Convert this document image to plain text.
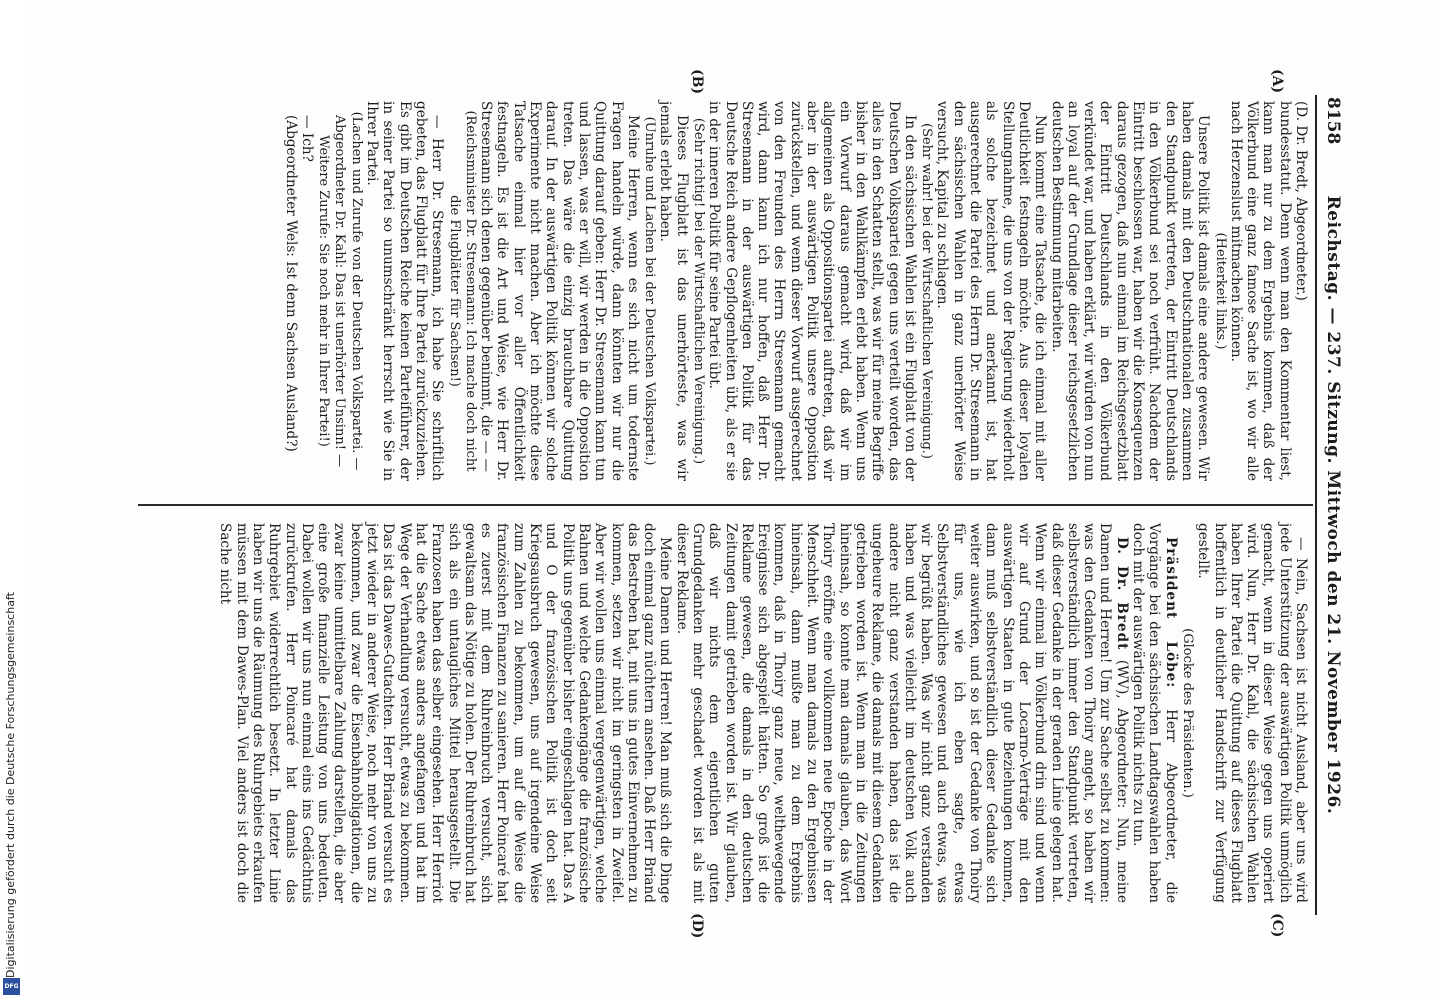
Digitalisierung gefördert durch die Deutsche Forschungsgemeinschaft
DFG
8158
Reichstag. — 237. Sitzung. Mittwoch den 21. November 1926.
(A)
(B)
(C)
(D)

(D. Dr. Bredt, Abgeordneter.)

bundesstatut. Denn wenn man den Kommentar liest, kann man nur zu dem Ergebnis kommen, daß der Völkerbund eine ganz famose Sache ist, wo wir alle nach Herzenslust mitmachen können.

(Heiterkeit links.)

Unsere Politik ist damals eine andere gewesen. Wir haben damals mit den Deutschnationalen zusammen den Standpunkt vertreten, der Eintritt Deutschlands in den Völkerbund sei noch verfrüht. Nachdem der Eintritt beschlossen war, haben wir die Konsequenzen daraus gezogen, daß nun einmal im Reichsgesetzblatt der Eintritt Deutschlands in den Völkerbund verkündet war, und haben erklärt, wir würden von nun an loyal auf der Grundlage dieser reichsgesetzlichen deutschen Bestimmung mitarbeiten.

Nun kommt eine Tatsache, die ich einmal mit aller Deutlichkeit festnageln möchte. Aus dieser loyalen Stellungnahme, die uns von der Regierung wiederholt als solche bezeichnet und anerkannt ist, hat ausgerechnet die Partei des Herrn Dr. Stresemann in den sächsischen Wahlen in ganz unerhörter Weise versucht, Kapital zu schlagen.

(Sehr wahr! bei der Wirtschaftlichen Vereinigung.)

In den sächsischen Wahlen ist ein Flugblatt von der Deutschen Volkspartei gegen uns verteilt worden, das alles in den Schatten stellt, was wir für meine Begriffe bisher in den Wahlkämpfen erlebt haben. Wenn uns ein Vorwurf daraus gemacht wird, daß wir im allgemeinen als Oppositionspartei auftreten, daß wir aber in der auswärtigen Politik unsere Opposition zurückstellen, und wenn dieser Vorwurf ausgerechnet von den Freunden des Herrn Stresemann gemacht wird, dann kann ich nur hoffen, daß Herr Dr. Stresemann in der auswärtigen Politik für das Deutsche Reich andere Gepflogenheiten übt, als er sie in der inneren Politik für seine Partei übt.

(Sehr richtig! bei der Wirtschaftlichen Vereinigung.)

Dieses Flugblatt ist das unerhörteste, was wir jemals erlebt haben.

(Unruhe und Lachen bei der Deutschen Volkspartei.)

Meine Herren, wenn es sich nicht um todernste Fragen handeln würde, dann könnten wir nur die Quittung darauf geben: Herr Dr. Stresemann kann tun und lassen, was er will, wir werden in die Opposition treten. Das wäre die einzig brauchbare Quittung darauf. In der auswärtigen Politik können wir solche Experimente nicht machen. Aber ich möchte diese Tatsache einmal hier vor aller Öffentlichkeit festnageln. Es ist die Art und Weise, wie Herr Dr. Stresemann sich denen gegenüber benimmt, die — —

(Reichsminister Dr. Stresemann: Ich mache doch nicht die Flugblätter für Sachsen!)

— Herr Dr. Stresemann, ich habe Sie schriftlich gebeten, das Flugblatt für Ihre Partei zurückzuziehen. Es gibt im Deutschen Reiche keinen Parteiführer, der in seiner Partei so unumschränkt herrscht wie Sie in Ihrer Partei.

(Lachen und Zurufe von der Deutschen Volkspartei. — Abgeordneter Dr. Kahl: Das ist unerhörter Unsinn! — Weitere Zurufe: Sie noch mehr in Ihrer Partei!)

— Ich?

(Abgeordneter Wels: Ist denn Sachsen Ausland?)

— Nein, Sachsen ist nicht Ausland, aber uns wird jede Unterstützung der auswärtigen Politik unmöglich gemacht, wenn in dieser Weise gegen uns operiert wird. Nun, Herr Dr. Kahl, die sächsischen Wahlen haben Ihrer Partei die Quittung auf dieses Flugblatt hoffentlich in deutlicher Handschrift zur Verfügung gestellt.

(Glocke des Präsidenten.)

Präsident Löbe: Herr Abgeordneter, die Vorgänge bei den sächsischen Landtagswahlen haben doch mit der auswärtigen Politik nichts zu tun.

D. Dr. Bredt (WV), Abgeordneter: Nun, meine Damen und Herren! Um zur Sache selbst zu kommen: was den Gedanken von Thoiry angeht, so haben wir selbstverständlich immer den Standpunkt vertreten, daß dieser Gedanke in der geraden Linie gelegen hat. Wenn wir einmal im Völkerbund drin sind und wenn wir auf Grund der Locarno-Verträge mit den auswärtigen Staaten in gute Beziehungen kommen, dann muß selbstverständlich dieser Gedanke sich weiter auswirken, und so ist der Gedanke von Thoiry für uns, wie ich eben sagte, etwas Selbstverständliches gewesen und auch etwas, was wir begrüßt haben. Was wir nicht ganz verstanden haben und was vielleicht im deutschen Volk auch andere nicht ganz verstanden haben, das ist die ungeheure Reklame, die damals mit diesem Gedanken getrieben worden ist. Wenn man in die Zeitungen hineinsah, so konnte man damals glauben, das Wort Thoiry eröffne eine vollkommen neue Epoche in der Menschheit. Wenn man damals zu den Ergebnissen hineinsah, dann mußte man zu dem Ergebnis kommen, daß in Thoiry ganz neue, welthewegende Ereignisse sich abgespielt hätten. So groß ist die Reklame gewesen, die damals in den deutschen Zeitungen damit getrieben worden ist. Wir glauben, daß wir nichts dem eigentlichen guten Grundgedanken mehr geschadet worden ist als mit dieser Reklame.

Meine Damen und Herren! Man muß sich die Dinge doch einmal ganz nüchtern ansehen. Daß Herr Briand das Bestreben hat, mit uns in gutes Einvernehmen zu kommen, setzen wir nicht im geringsten in Zweifel. Aber wir wollen uns einmal vergegenwärtigen, welche Bahnen und welche Gedankengänge die französische Politik uns gegenüber bisher eingeschlagen hat. Das A und O der französischen Politik ist doch seit Kriegsausbruch gewesen, uns auf irgendeine Weise zum Zahlen zu bekommen, um auf die Weise die französischen Finanzen zu sanieren. Herr Poincaré hat es zuerst mit dem Ruhreinbruch versucht, sich gewaltsam das Nötige zu holen. Der Ruhreinbruch hat sich als ein untaugliches Mittel herausgestellt. Die Franzosen haben das selber eingesehen. Herr Herriot hat die Sache etwas anders angefangen und hat im Wege der Verhandlung versucht, etwas zu bekommen. Das ist das Dawes-Gutachten. Herr Briand versucht es jetzt wieder in anderer Weise, noch mehr von uns zu bekommen, und zwar die Eisenbahnobligationen, die zwar keine unmittelbare Zahlung darstellen, die aber eine große finanzielle Leistung von uns bedeuten. Dabei wollen wir uns nun einmal eins ins Gedächtnis zurückrufen. Herr Poincaré hat damals das Ruhrgebiet widerrechtlich besetzt. In letzter Linie haben wir uns die Räumung des Ruhrgebiets erkaufen müssen mit dem Dawes-Plan. Viel anders ist doch die Sache nicht
